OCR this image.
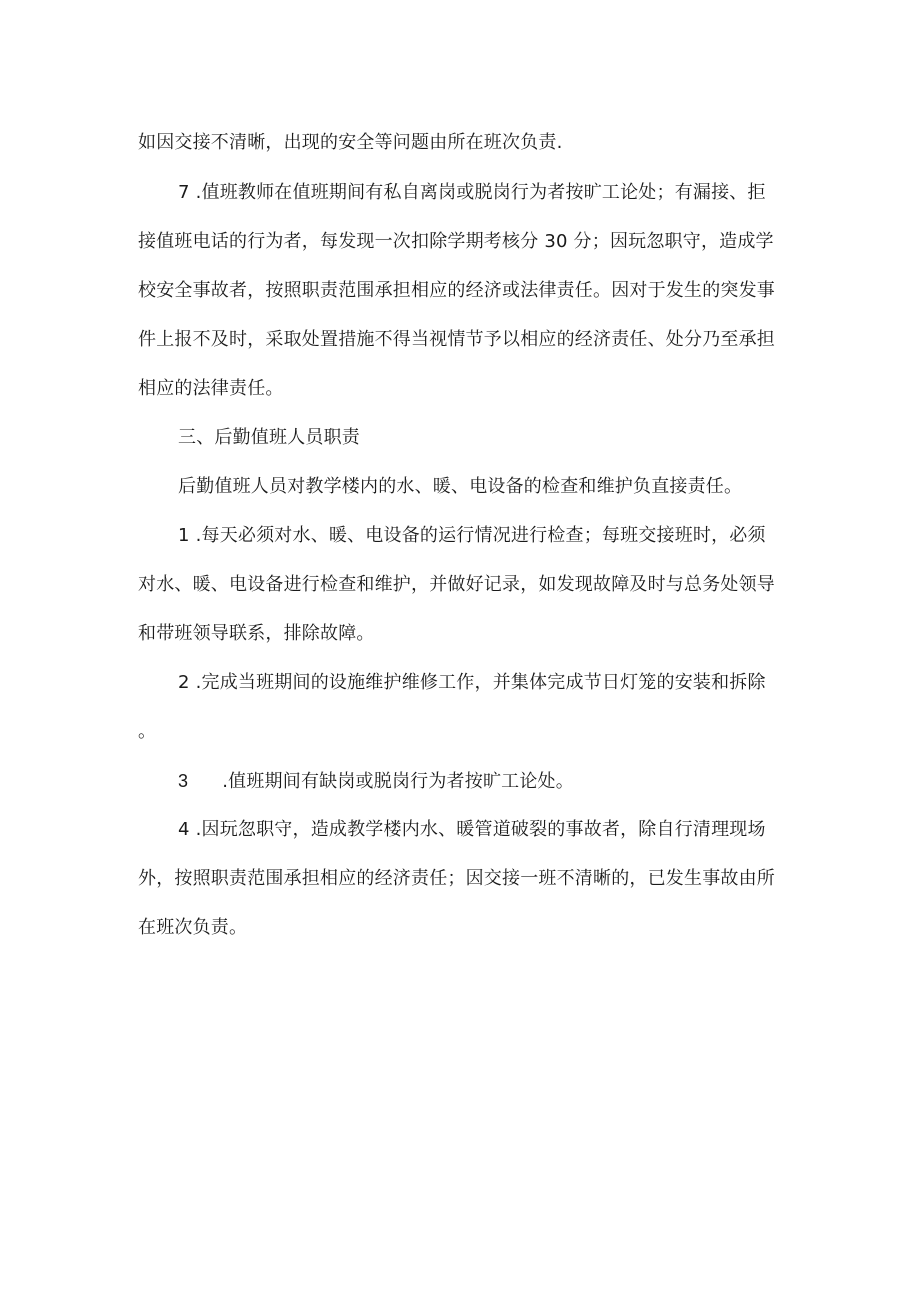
如因交接不清晰，出现的安全等问题由所在班次负责.
7 .值班教师在值班期间有私自离岗或脱岗行为者按旷工论处；有漏接、拒
接值班电话的行为者，每发现一次扣除学期考核分 30 分；因玩忽职守，造成学
校安全事故者，按照职责范围承担相应的经济或法律责任。因对于发生的突发事
件上报不及时，采取处置措施不得当视情节予以相应的经济责任、处分乃至承担
相应的法律责任。
三、后勤值班人员职责
后勤值班人员对教学楼内的水、暖、电设备的检查和维护负直接责任。
1 .每天必须对水、暖、电设备的运行情况进行检查；每班交接班时，必须
对水、暖、电设备进行检查和维护，并做好记录，如发现故障及时与总务处领导
和带班领导联系，排除故障。
2 .完成当班期间的设施维护维修工作，并集体完成节日灯笼的安装和拆除
。
3 .值班期间有缺岗或脱岗行为者按旷工论处。
4 .因玩忽职守，造成教学楼内水、暖管道破裂的事故者，除自行清理现场
外，按照职责范围承担相应的经济责任；因交接一班不清晰的，已发生事故由所
在班次负责。
